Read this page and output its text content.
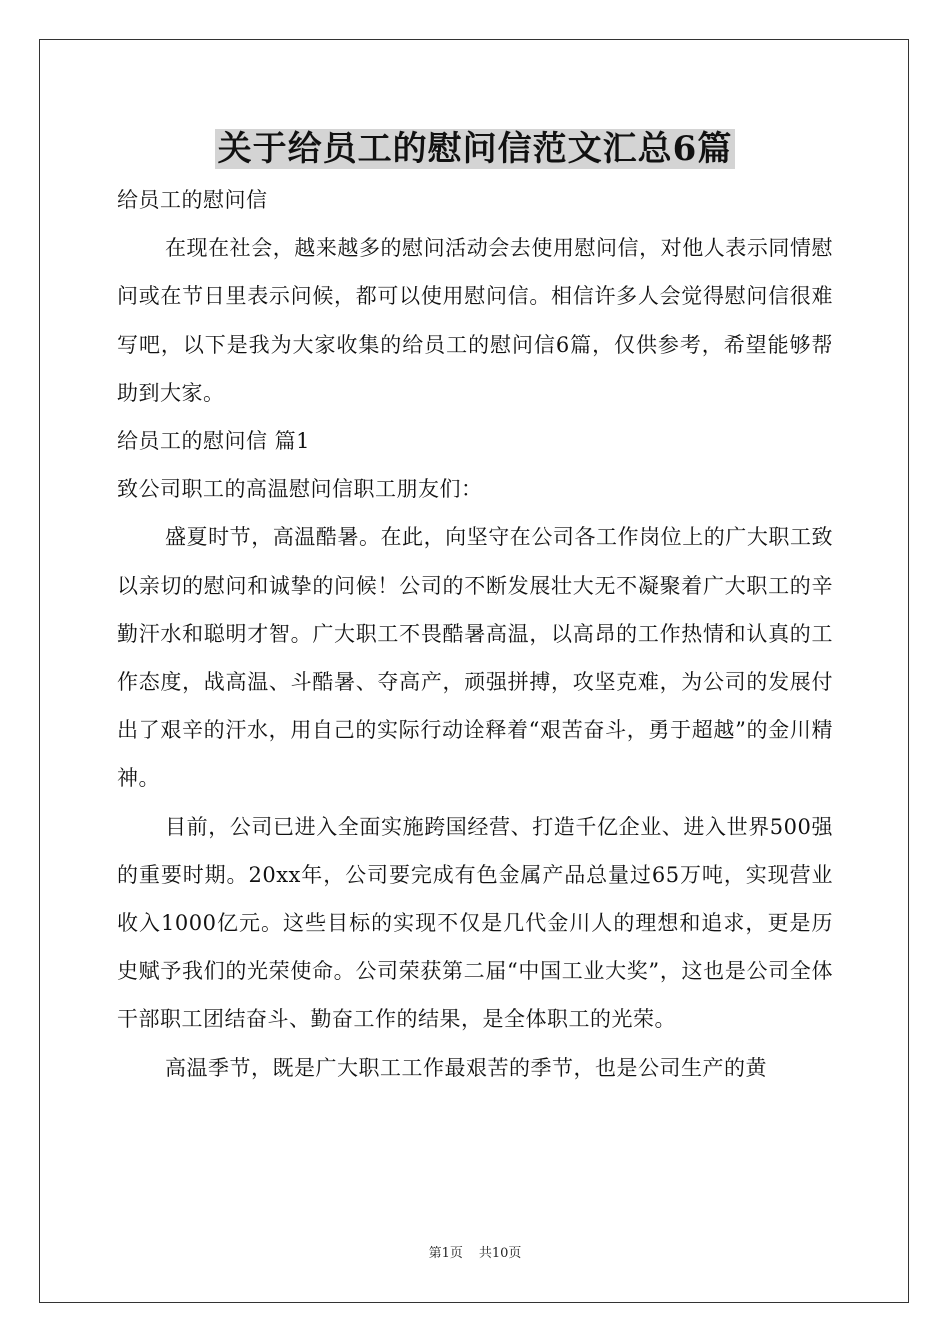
关于给员工的慰问信范文汇总6篇

给员工的慰问信

在现在社会，越来越多的慰问活动会去使用慰问信，对他人表示同情慰问或在节日里表示问候，都可以使用慰问信。相信许多人会觉得慰问信很难写吧，以下是我为大家收集的给员工的慰问信6篇，仅供参考，希望能够帮助到大家。

给员工的慰问信 篇1

致公司职工的高温慰问信职工朋友们：

盛夏时节，高温酷暑。在此，向坚守在公司各工作岗位上的广大职工致以亲切的慰问和诚挚的问候！公司的不断发展壮大无不凝聚着广大职工的辛勤汗水和聪明才智。广大职工不畏酷暑高温，以高昂的工作热情和认真的工作态度，战高温、斗酷暑、夺高产，顽强拼搏，攻坚克难，为公司的发展付出了艰辛的汗水，用自己的实际行动诠释着“艰苦奋斗，勇于超越”的金川精神。

目前，公司已进入全面实施跨国经营、打造千亿企业、进入世界500强的重要时期。20xx年，公司要完成有色金属产品总量过65万吨，实现营业收入1000亿元。这些目标的实现不仅是几代金川人的理想和追求，更是历史赋予我们的光荣使命。公司荣获第二届“中国工业大奖”，这也是公司全体干部职工团结奋斗、勤奋工作的结果，是全体职工的光荣。

高温季节，既是广大职工工作最艰苦的季节，也是公司生产的黄

第1页 共10页
